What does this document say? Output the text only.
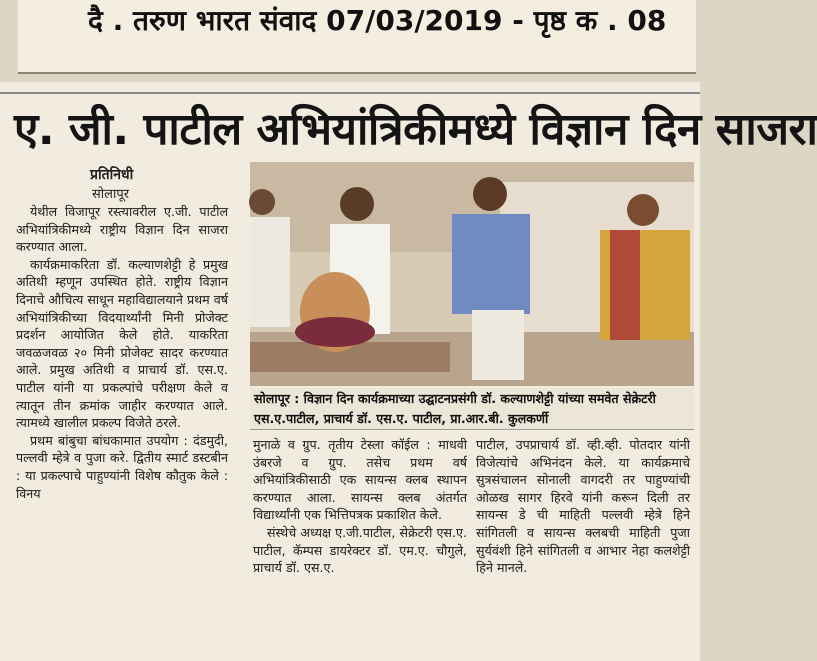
दै . तरुण भारत संवाद 07/03/2019 - पृष्ठ क . 08
ए. जी. पाटील अभियांत्रिकीमध्ये विज्ञान दिन साजरा
प्रतिनिधी
सोलापूर

येथील विजापूर रस्त्यावरील ए.जी. पाटील अभियांत्रिकीमध्ये राष्ट्रीय विज्ञान दिन साजरा करण्यात आला.

कार्यक्रमाकरिता डॉ. कल्याणशेट्टी हे प्रमुख अतिथी म्हणून उपस्थित होते. राष्ट्रीय विज्ञान दिनाचे औचित्य साधून महाविद्यालयाने प्रथम वर्ष अभियांत्रिकीच्या विदयार्थ्यांनी मिनी प्रोजेक्ट प्रदर्शन आयोजित केले होते. याकरिता जवळजवळ २० मिनी प्रोजेक्ट सादर करण्यात आले. प्रमुख अतिथी व प्राचार्य डॉ. एस.ए. पाटील यांनी या प्रकल्पांचे परीक्षण केले व त्यातून तीन क्रमांक जाहीर करण्यात आले. त्यामध्ये खालील प्रकल्प विजेते ठरले.

प्रथम बांबुचा बांधकामात उपयोग : दंडमुदी, पल्लवी म्हेत्रे व पुजा करे. द्वितीय स्मार्ट डस्टबीन : या प्रकल्पाचे पाहुण्यांनी विशेष कौतुक केले : विनय

सोलापूर : विज्ञान दिन कार्यक्रमाच्या उद्घाटनप्रसंगी डॉ. कल्याणशेट्टी यांच्या समवेत सेक्रेटरी एस.ए.पाटील, प्राचार्य डॉ. एस.ए. पाटील, प्रा.आर.बी. कुलकर्णी

मुनाळे व ग्रुप. तृतीय टेस्ला कॉईल : माधवी उंबरजे व ग्रुप. तसेच प्रथम वर्ष अभियांत्रिकीसाठी एक सायन्स क्लब स्थापन करण्यात आला. सायन्स क्लब अंतर्गत विद्यार्थ्यांनी एक भित्तिपत्रक प्रकाशित केले.

संस्थेचे अध्यक्ष ए.जी.पाटील, सेक्रेटरी एस.ए. पाटील, कॅम्पस डायरेक्टर डॉ. एम.ए. चौगुले, प्राचार्य डॉ. एस.ए.

पाटील, उपप्राचार्य डॉ. व्ही.व्ही. पोतदार यांनी विजेत्यांचे अभिनंदन केले. या कार्यक्रमाचे सुत्रसंचालन सोनाली वागदरी तर पाहुण्यांची ओळख सागर हिरवे यांनी करून दिली तर सायन्स डे ची माहिती पल्लवी म्हेत्रे हिने सांगितली व सायन्स क्लबची माहिती पुजा सुर्यवंशी हिने सांगितली व आभार नेहा कलशेट्टी हिने मानले.
